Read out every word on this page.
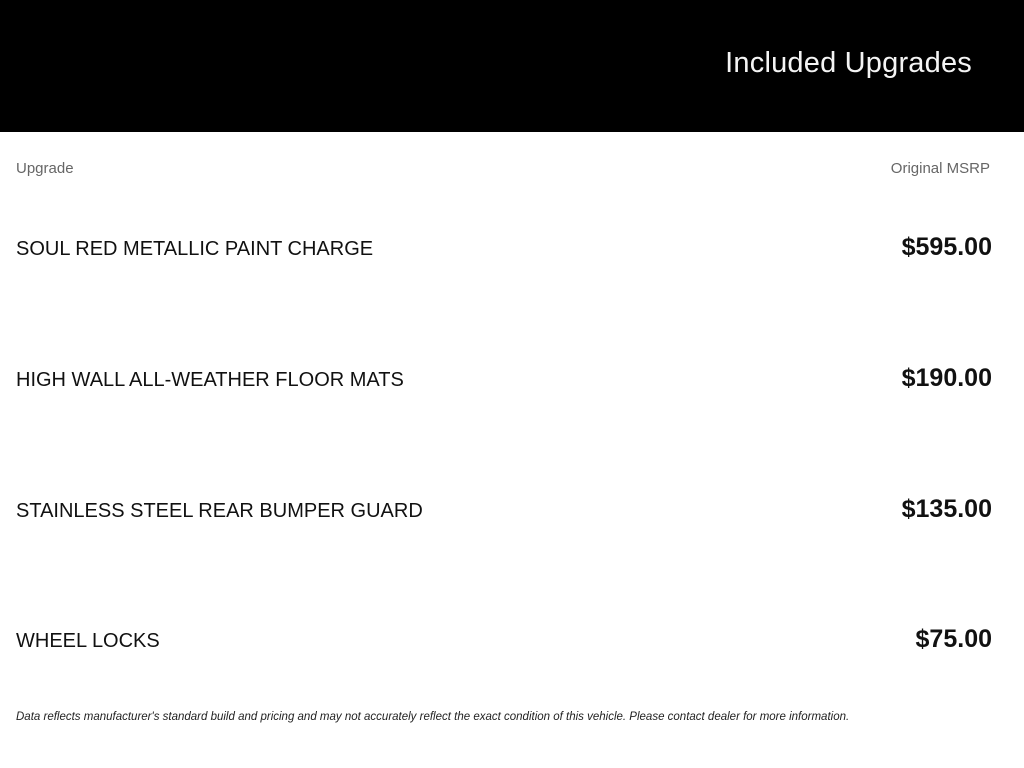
Included Upgrades
Upgrade	Original MSRP
SOUL RED METALLIC PAINT CHARGE	$595.00
HIGH WALL ALL-WEATHER FLOOR MATS	$190.00
STAINLESS STEEL REAR BUMPER GUARD	$135.00
WHEEL LOCKS	$75.00
Data reflects manufacturer's standard build and pricing and may not accurately reflect the exact condition of this vehicle. Please contact dealer for more information.
